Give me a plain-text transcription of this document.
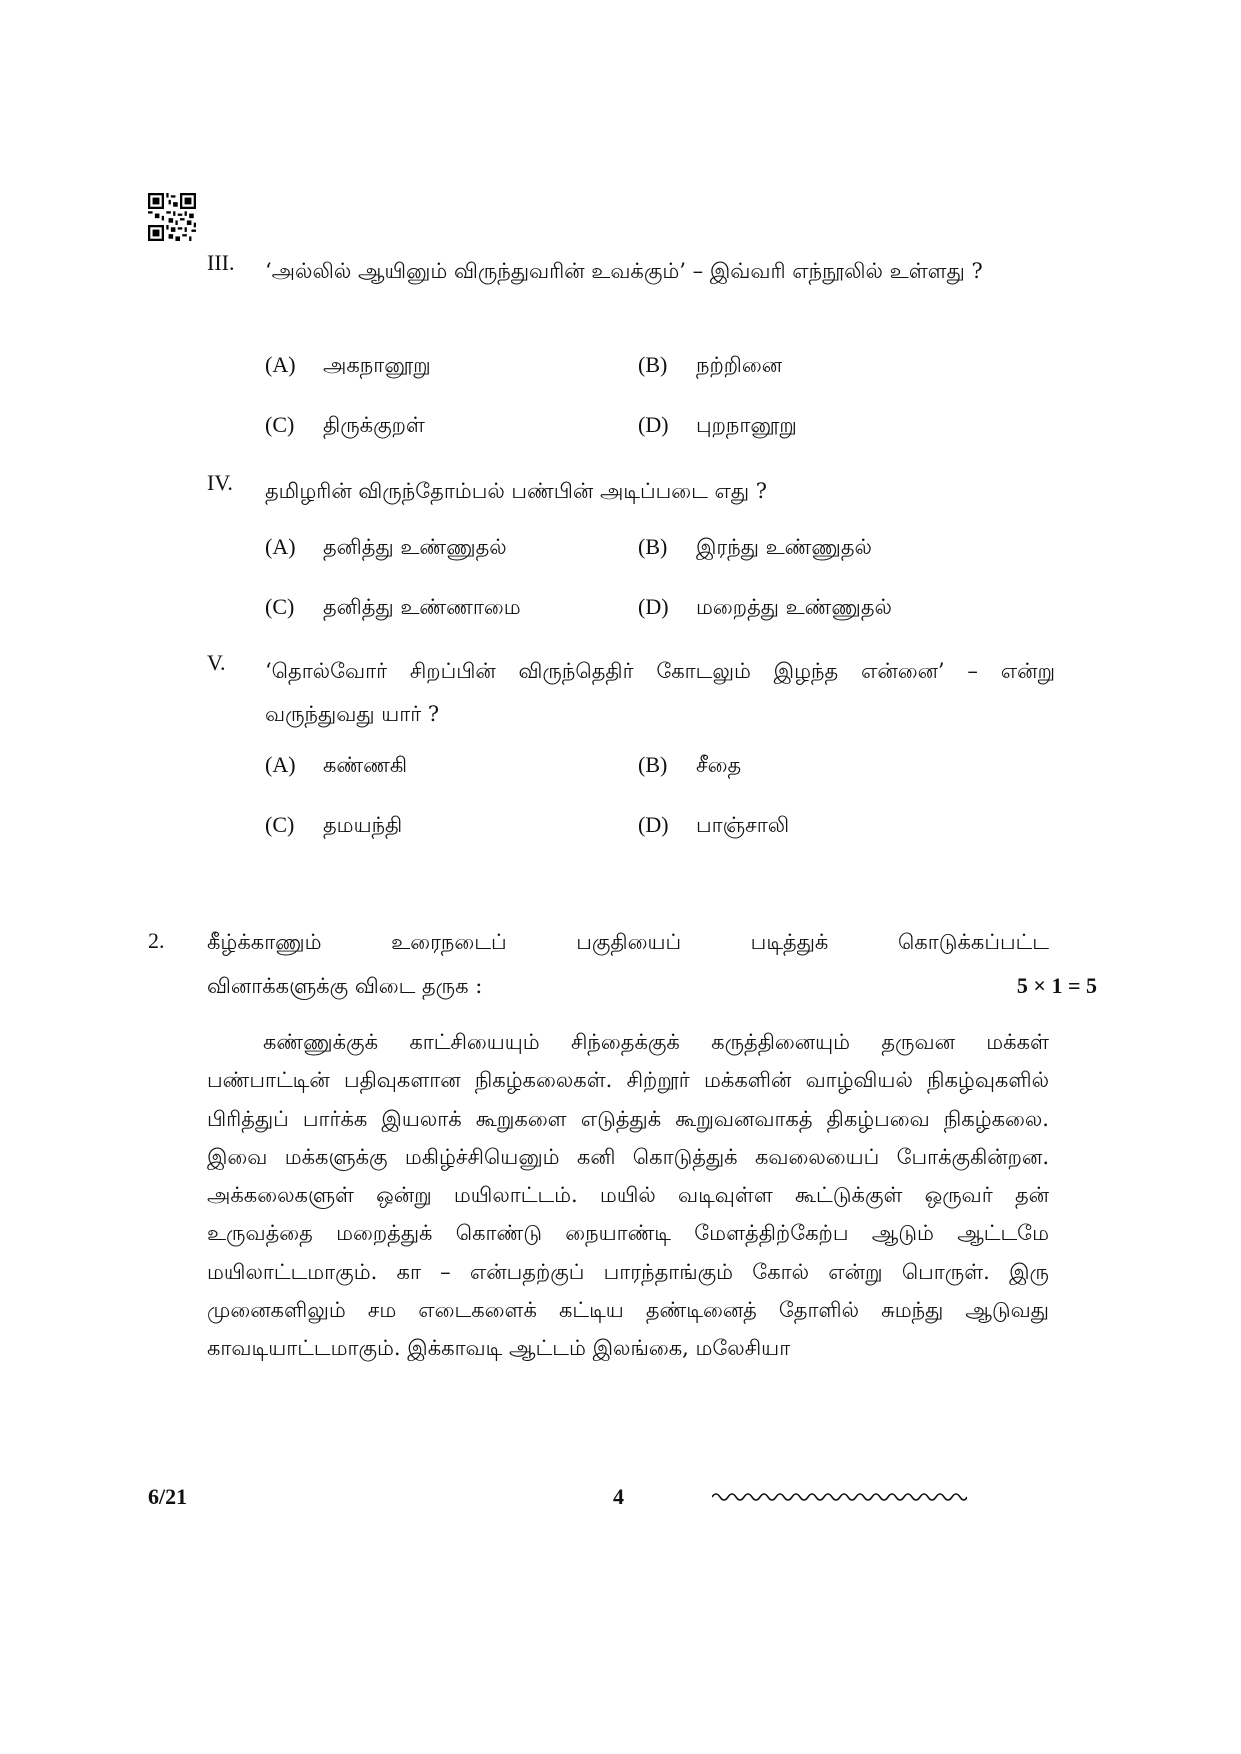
III. ‘அல்லில் ஆயினும் விருந்துவரின் உவக்கும்’ – இவ்வரி எந்நூலில் உள்ளது ?
(A) அகநானூறு	(B) நற்றினை
(C) திருக்குறள்	(D) புறநானூறு
IV. தமிழரின் விருந்தோம்பல் பண்பின் அடிப்படை எது ?
(A) தனித்து உண்ணுதல்	(B) இரந்து உண்ணுதல்
(C) தனித்து உண்ணாமை	(D) மறைத்து உண்ணுதல்
V. ‘தொல்வோர் சிறப்பின் விருந்தெதிர் கோடலும் இழந்த என்னை’ – என்று வருந்துவது யார் ?
(A) கண்ணகி	(B) சீதை
(C) தமயந்தி	(D) பாஞ்சாலி
2. கீழ்க்காணும் உரைநடைப் பகுதியைப் படித்துக் கொடுக்கப்பட்ட
வினாக்களுக்கு விடை தருக :	5 × 1 = 5
கண்ணுக்குக் காட்சியையும் சிந்தைக்குக் கருத்தினையும் தருவன மக்கள் பண்பாட்டின் பதிவுகளான நிகழ்கலைகள். சிற்றூர் மக்களின் வாழ்வியல் நிகழ்வுகளில் பிரித்துப் பார்க்க இயலாக் கூறுகளை எடுத்துக் கூறுவனவாகத் திகழ்பவை நிகழ்கலை. இவை மக்களுக்கு மகிழ்ச்சியெனும் கனி கொடுத்துக் கவலையைப் போக்குகின்றன. அக்கலைகளுள் ஒன்று மயிலாட்டம். மயில் வடிவுள்ள கூட்டுக்குள் ஒருவர் தன் உருவத்தை மறைத்துக் கொண்டு நையாண்டி மேளத்திற்கேற்ப ஆடும் ஆட்டமே மயிலாட்டமாகும். கா – என்பதற்குப் பாரந்தாங்கும் கோல் என்று பொருள். இரு முனைகளிலும் சம எடைகளைக் கட்டிய தண்டினைத் தோளில் சுமந்து ஆடுவது காவடியாட்டமாகும். இக்காவடி ஆட்டம் இலங்கை, மலேசியா
6/21	4
